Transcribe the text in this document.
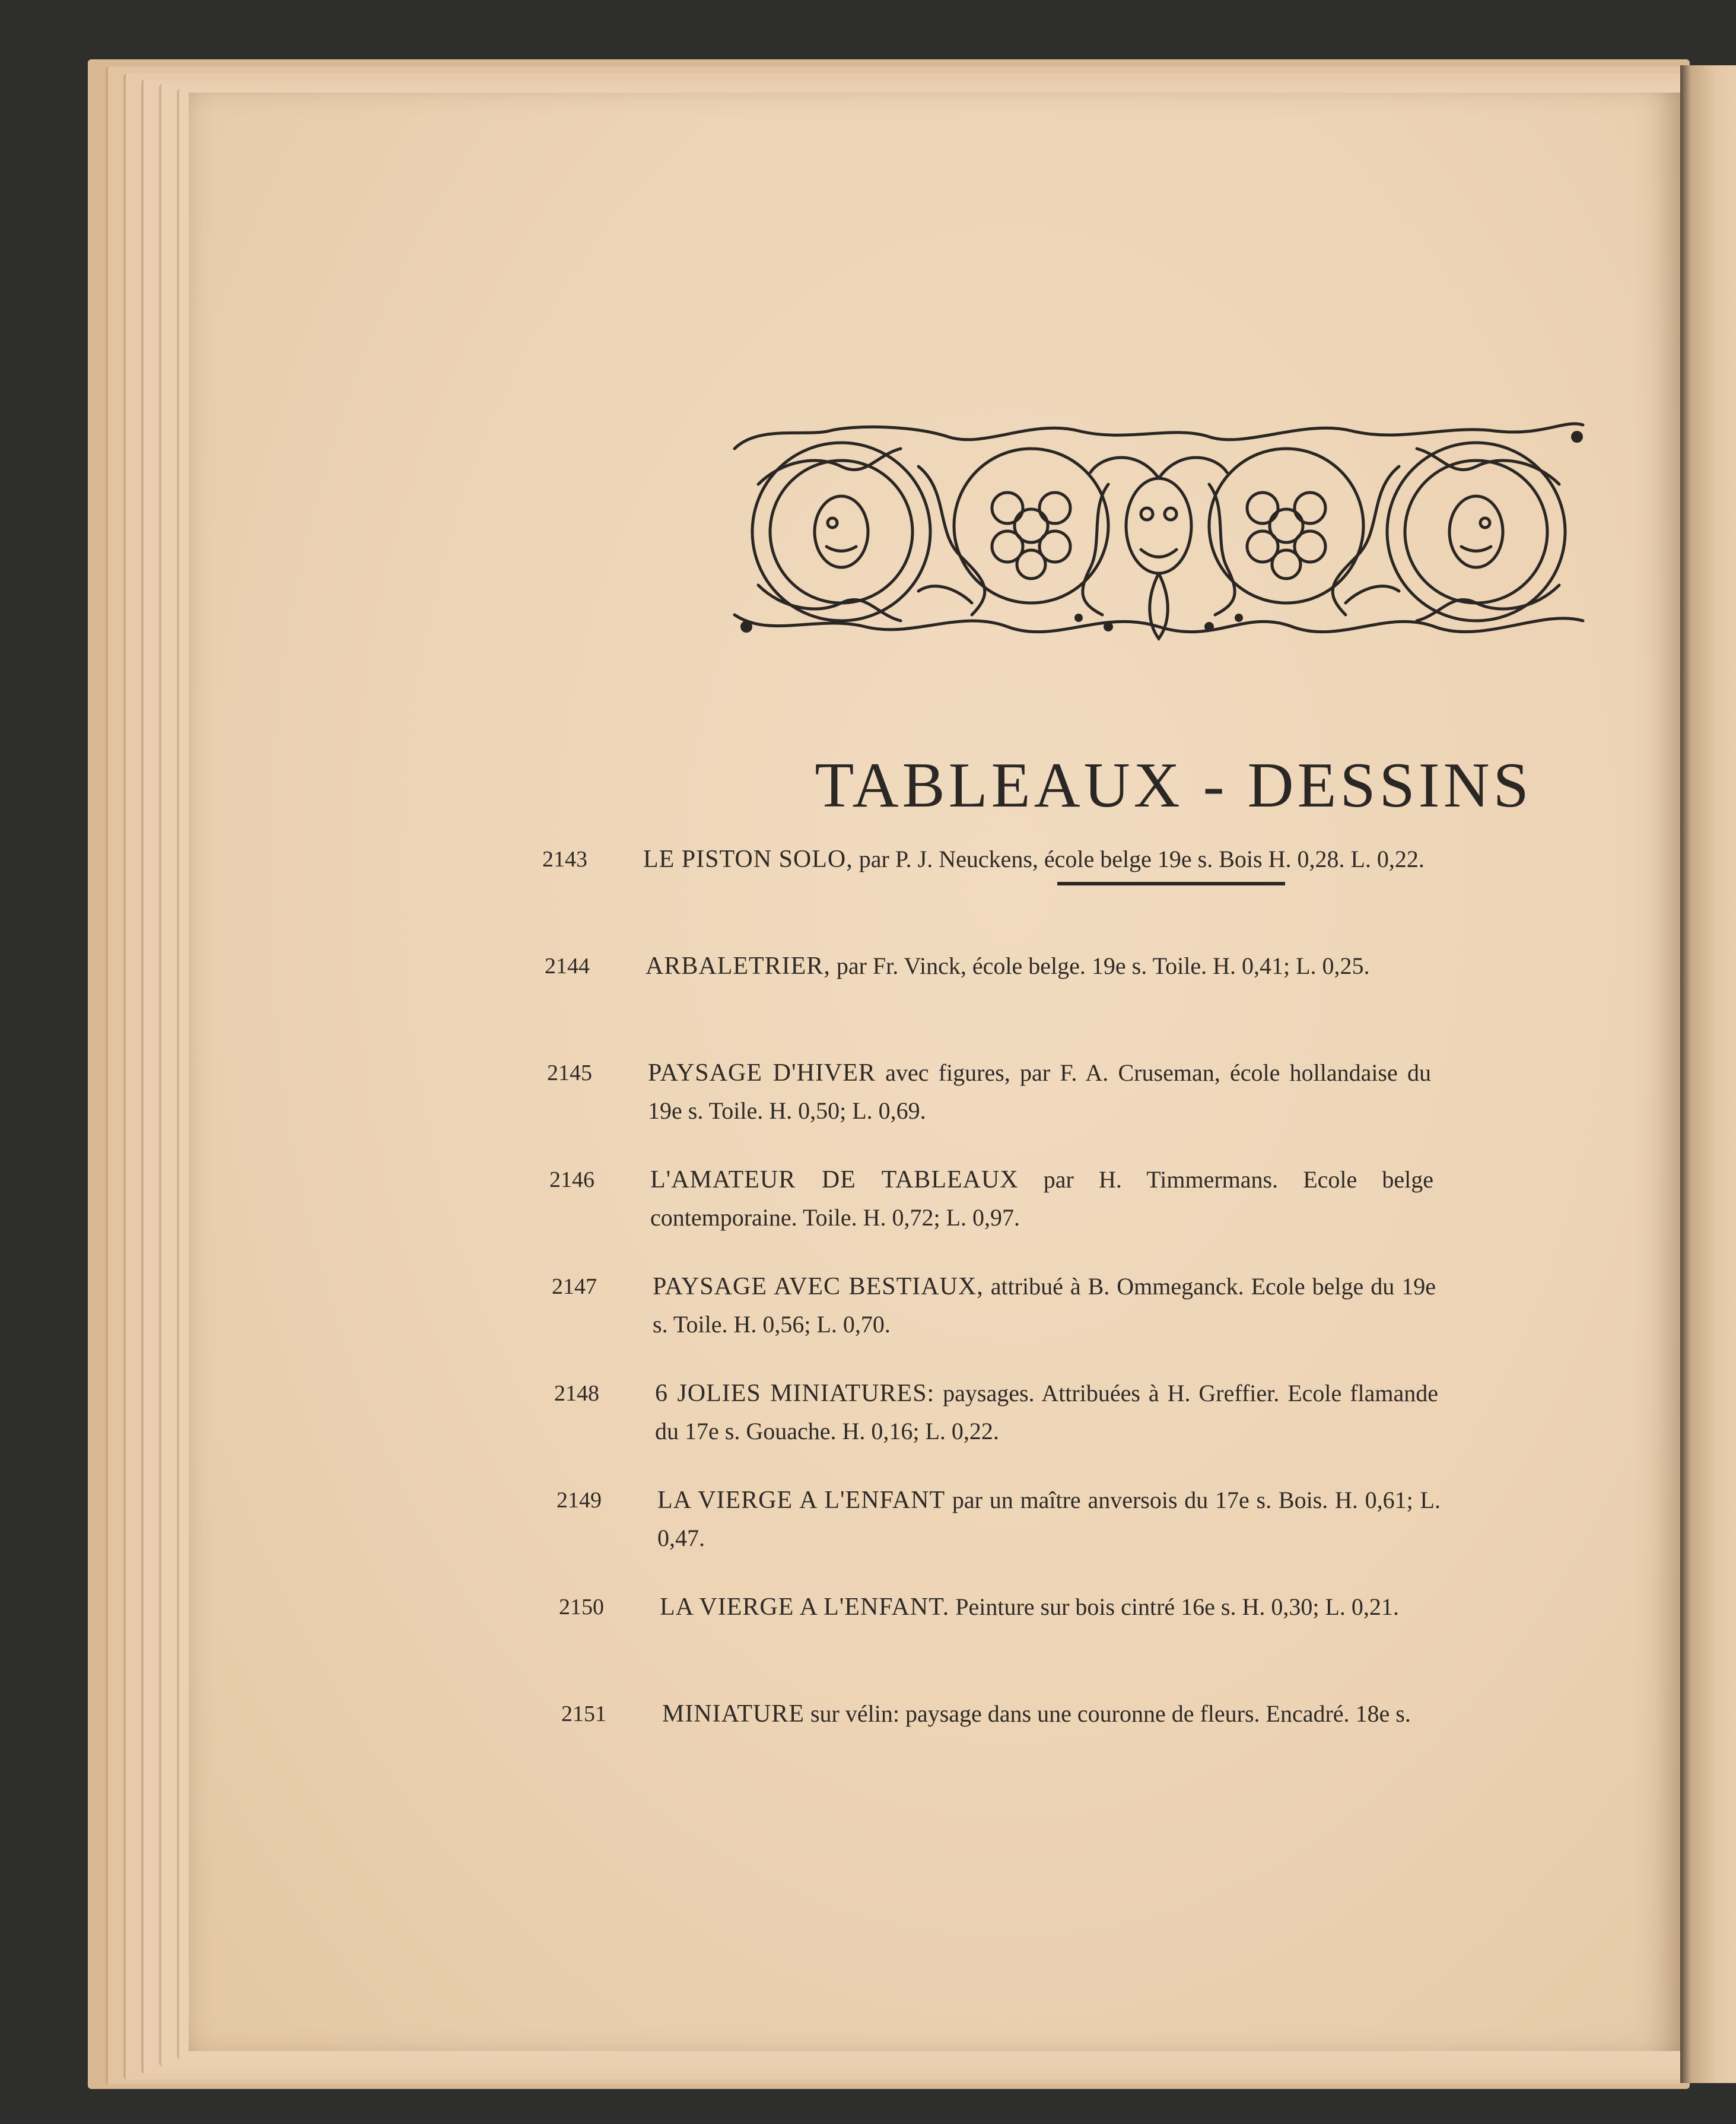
TABLEAUX - DESSINS
2143	LE PISTON SOLO, par P. J. Neuckens, école belge 19e s. Bois H. 0,28. L. 0,22.
2144	ARBALETRIER, par Fr. Vinck, école belge. 19e s. Toile. H. 0,41; L. 0,25.
2145	PAYSAGE D'HIVER avec figures, par F. A. Cruseman, école hollandaise du 19e s. Toile. H. 0,50; L. 0,69.
2146	L'AMATEUR DE TABLEAUX par H. Timmermans. Ecole belge contemporaine. Toile. H. 0,72; L. 0,97.
2147	PAYSAGE AVEC BESTIAUX, attribué à B. Ommeganck. Ecole belge du 19e s. Toile. H. 0,56; L. 0,70.
2148	6 JOLIES MINIATURES: paysages. Attribuées à H. Greffier. Ecole flamande du 17e s. Gouache. H. 0,16; L. 0,22.
2149	LA VIERGE A L'ENFANT par un maître anversois du 17e s. Bois. H. 0,61; L. 0,47.
2150	LA VIERGE A L'ENFANT. Peinture sur bois cintré 16e s. H. 0,30; L. 0,21.
2151	MINIATURE sur vélin: paysage dans une couronne de fleurs. Encadré. 18e s.
